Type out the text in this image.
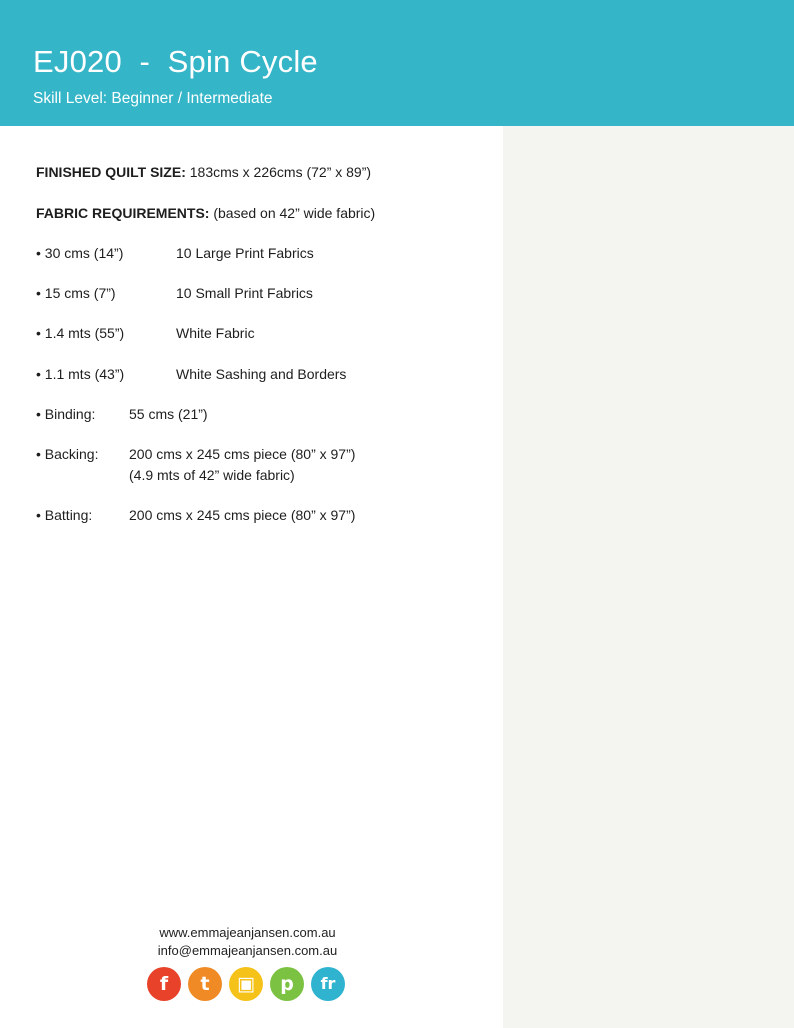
EJ020  -  Spin Cycle
Skill Level: Beginner / Intermediate
FINISHED QUILT SIZE: 183cms x 226cms (72” x 89”)
FABRIC REQUIREMENTS: (based on 42” wide fabric)
• 30 cms (14”)	10 Large Print Fabrics
• 15 cms (7”)	10 Small Print Fabrics
• 1.4 mts (55”)	White Fabric
• 1.1 mts (43”)	White Sashing and Borders
• Binding: 55 cms (21”)
• Backing: 200 cms x 245 cms piece (80” x 97”)
(4.9 mts of 42” wide fabric)
• Batting:	200 cms x 245 cms piece (80” x 97”)
www.emmajeanjansen.com.au
info@emmajeanjansen.com.au
f	t	▣	p	fr
